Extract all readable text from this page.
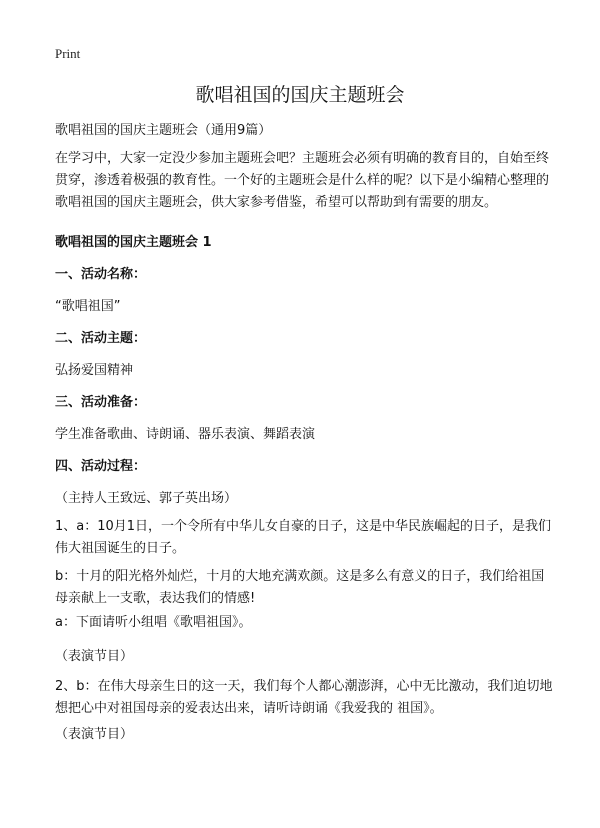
Print
歌唱祖国的国庆主题班会

歌唱祖国的国庆主题班会（通用9篇）

在学习中，大家一定没少参加主题班会吧？主题班会必须有明确的教育目的，自始至终贯穿，渗透着极强的教育性。一个好的主题班会是什么样的呢？以下是小编精心整理的歌唱祖国的国庆主题班会，供大家参考借鉴，希望可以帮助到有需要的朋友。

歌唱祖国的国庆主题班会 1

一、活动名称：

“歌唱祖国”

二、活动主题：

弘扬爱国精神

三、活动准备：

学生准备歌曲、诗朗诵、器乐表演、舞蹈表演

四、活动过程：

（主持人王致远、郭子英出场）

1、a：10月1日，一个令所有中华儿女自豪的日子，这是中华民族崛起的日子，是我们伟大祖国诞生的日子。

b：十月的阳光格外灿烂，十月的大地充满欢颜。这是多么有意义的日子，我们给祖国母亲献上一支歌，表达我们的情感!

a：下面请听小组唱《歌唱祖国》。

（表演节目）

2、b：在伟大母亲生日的这一天，我们每个人都心潮澎湃，心中无比激动，我们迫切地想把心中对祖国母亲的爱表达出来，请听诗朗诵《我爱我的 祖国》。

（表演节目）
